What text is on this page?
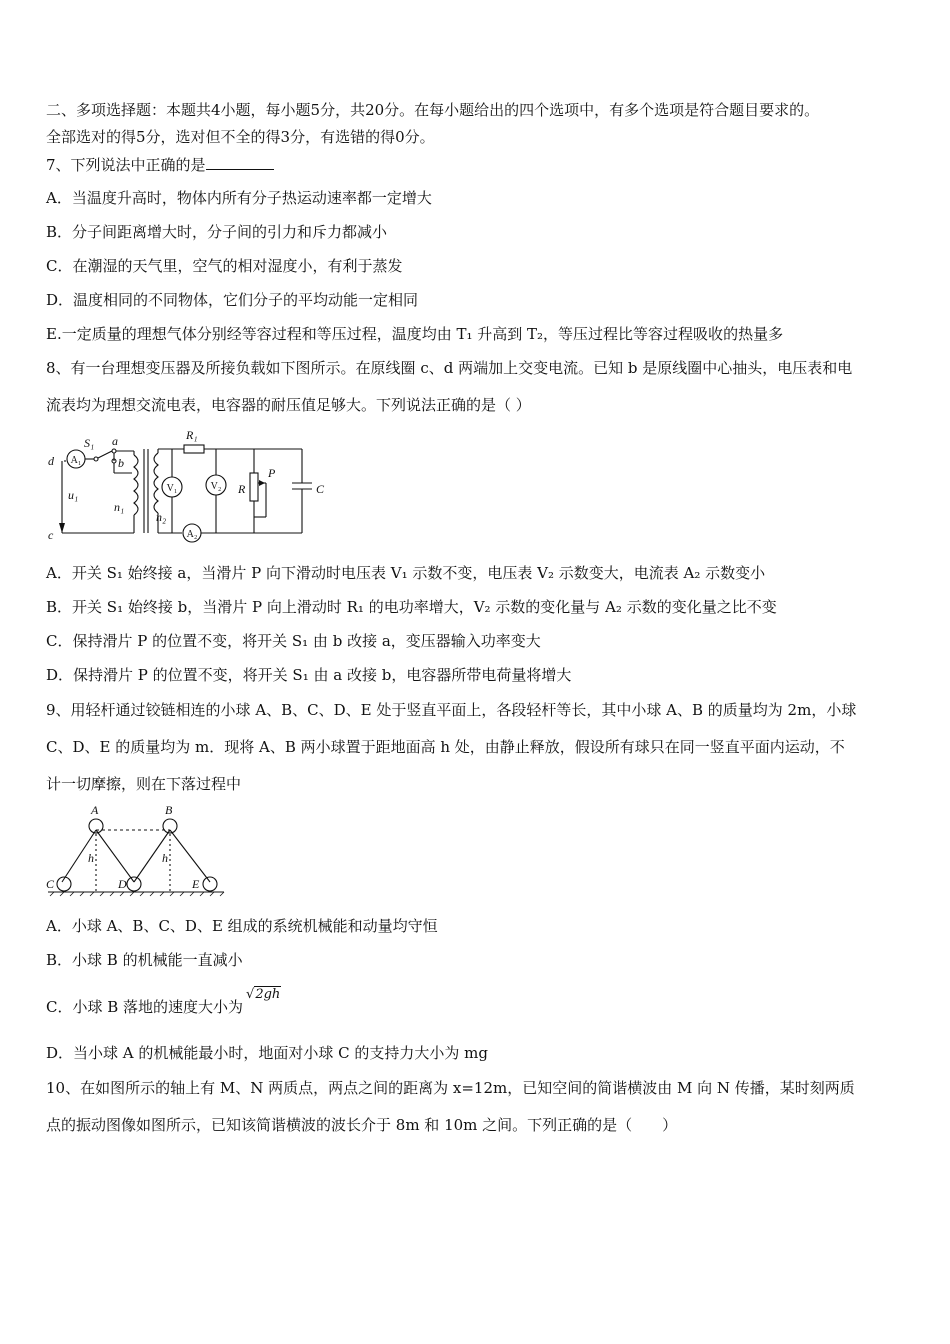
二、多项选择题：本题共4小题，每小题5分，共20分。在每小题给出的四个选项中，有多个选项是符合题目要求的。
全部选对的得5分，选对但不全的得3分，有选错的得0分。
7、下列说法中正确的是
A．当温度升高时，物体内所有分子热运动速率都一定增大
B．分子间距离增大时，分子间的引力和斥力都减小
C．在潮湿的天气里，空气的相对湿度小，有利于蒸发
D．温度相同的不同物体，它们分子的平均动能一定相同
E.一定质量的理想气体分别经等容过程和等压过程，温度均由 T₁ 升高到 T₂，等压过程比等容过程吸收的热量多
8、有一台理想变压器及所接负载如下图所示。在原线圈 c、d 两端加上交变电流。已知 b 是原线圈中心抽头，电压表和电
流表均为理想交流电表，电容器的耐压值足够大。下列说法正确的是（ ）
d
c
S₁ a
b
u₁
n₁
n₂
R₁
R
P
C
A₁
V₁	V₂
A₂
A．开关 S₁ 始终接 a，当滑片 P 向下滑动时电压表 V₁ 示数不变，电压表 V₂ 示数变大，电流表 A₂ 示数变小
B．开关 S₁ 始终接 b，当滑片 P 向上滑动时 R₁ 的电功率增大，V₂ 示数的变化量与 A₂ 示数的变化量之比不变
C．保持滑片 P 的位置不变，将开关 S₁ 由 b 改接 a，变压器输入功率变大
D．保持滑片 P 的位置不变，将开关 S₁ 由 a 改接 b，电容器所带电荷量将增大
9、用轻杆通过铰链相连的小球 A、B、C、D、E 处于竖直平面上，各段轻杆等长，其中小球 A、B 的质量均为 2m，小球
C、D、E 的质量均为 m．现将 A、B 两小球置于距地面高 h 处，由静止释放，假设所有球只在同一竖直平面内运动，不
计一切摩擦，则在下落过程中
A	B
C	D	E
h	h
A．小球 A、B、C、D、E 组成的系统机械能和动量均守恒
B．小球 B 的机械能一直减小
C．小球 B 落地的速度大小为√2gh
D．当小球 A 的机械能最小时，地面对小球 C 的支持力大小为 mg
10、在如图所示的轴上有 M、N 两质点，两点之间的距离为 x=12m，已知空间的简谐横波由 M 向 N 传播，某时刻两质
点的振动图像如图所示，已知该简谐横波的波长介于 8m 和 10m 之间。下列正确的是（　　）
